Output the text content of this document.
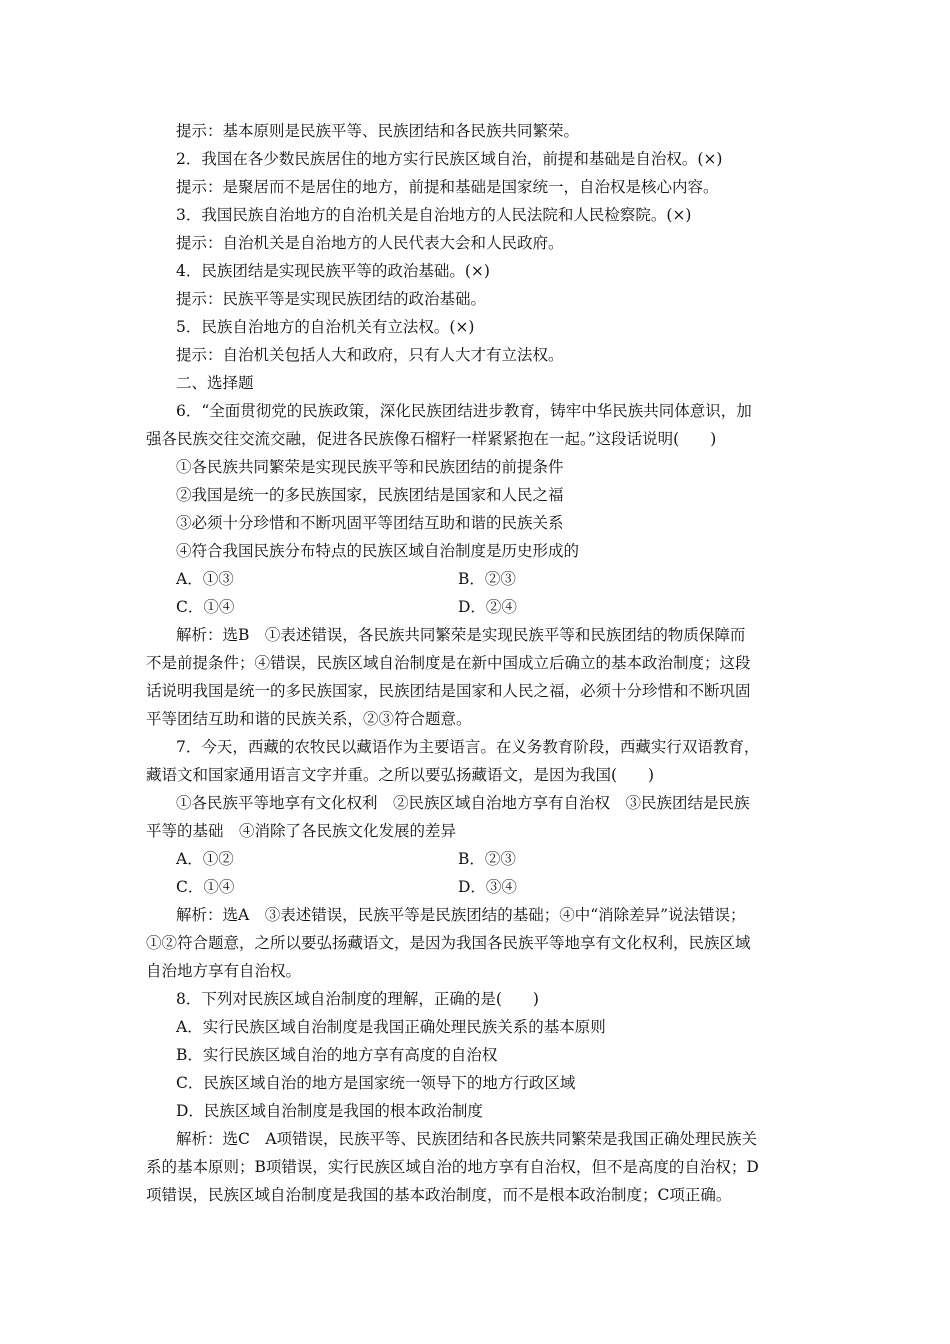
提示：基本原则是民族平等、民族团结和各民族共同繁荣。
2．我国在各少数民族居住的地方实行民族区域自治，前提和基础是自治权。(×)
提示：是聚居而不是居住的地方，前提和基础是国家统一，自治权是核心内容。
3．我国民族自治地方的自治机关是自治地方的人民法院和人民检察院。(×)
提示：自治机关是自治地方的人民代表大会和人民政府。
4．民族团结是实现民族平等的政治基础。(×)
提示：民族平等是实现民族团结的政治基础。
5．民族自治地方的自治机关有立法权。(×)
提示：自治机关包括人大和政府，只有人大才有立法权。
二、选择题
6．“全面贯彻党的民族政策，深化民族团结进步教育，铸牢中华民族共同体意识，加
强各民族交往交流交融，促进各民族像石榴籽一样紧紧抱在一起。”这段话说明(　　)
①各民族共同繁荣是实现民族平等和民族团结的前提条件
②我国是统一的多民族国家，民族团结是国家和人民之福
③必须十分珍惜和不断巩固平等团结互助和谐的民族关系
④符合我国民族分布特点的民族区域自治制度是历史形成的
A．①③	B．②③
C．①④	D．②④
解析：选B　①表述错误，各民族共同繁荣是实现民族平等和民族团结的物质保障而
不是前提条件；④错误，民族区域自治制度是在新中国成立后确立的基本政治制度；这段
话说明我国是统一的多民族国家，民族团结是国家和人民之福，必须十分珍惜和不断巩固
平等团结互助和谐的民族关系，②③符合题意。
7．今天，西藏的农牧民以藏语作为主要语言。在义务教育阶段，西藏实行双语教育，
藏语文和国家通用语言文字并重。之所以要弘扬藏语文，是因为我国(　　)
①各民族平等地享有文化权利　②民族区域自治地方享有自治权　③民族团结是民族
平等的基础　④消除了各民族文化发展的差异
A．①②	B．②③
C．①④	D．③④
解析：选A　③表述错误，民族平等是民族团结的基础；④中“消除差异”说法错误；
①②符合题意，之所以要弘扬藏语文，是因为我国各民族平等地享有文化权利，民族区域
自治地方享有自治权。
8．下列对民族区域自治制度的理解，正确的是(　　)
A．实行民族区域自治制度是我国正确处理民族关系的基本原则
B．实行民族区域自治的地方享有高度的自治权
C．民族区域自治的地方是国家统一领导下的地方行政区域
D．民族区域自治制度是我国的根本政治制度
解析：选C　A项错误，民族平等、民族团结和各民族共同繁荣是我国正确处理民族关
系的基本原则；B项错误，实行民族区域自治的地方享有自治权，但不是高度的自治权；D
项错误，民族区域自治制度是我国的基本政治制度，而不是根本政治制度；C项正确。
